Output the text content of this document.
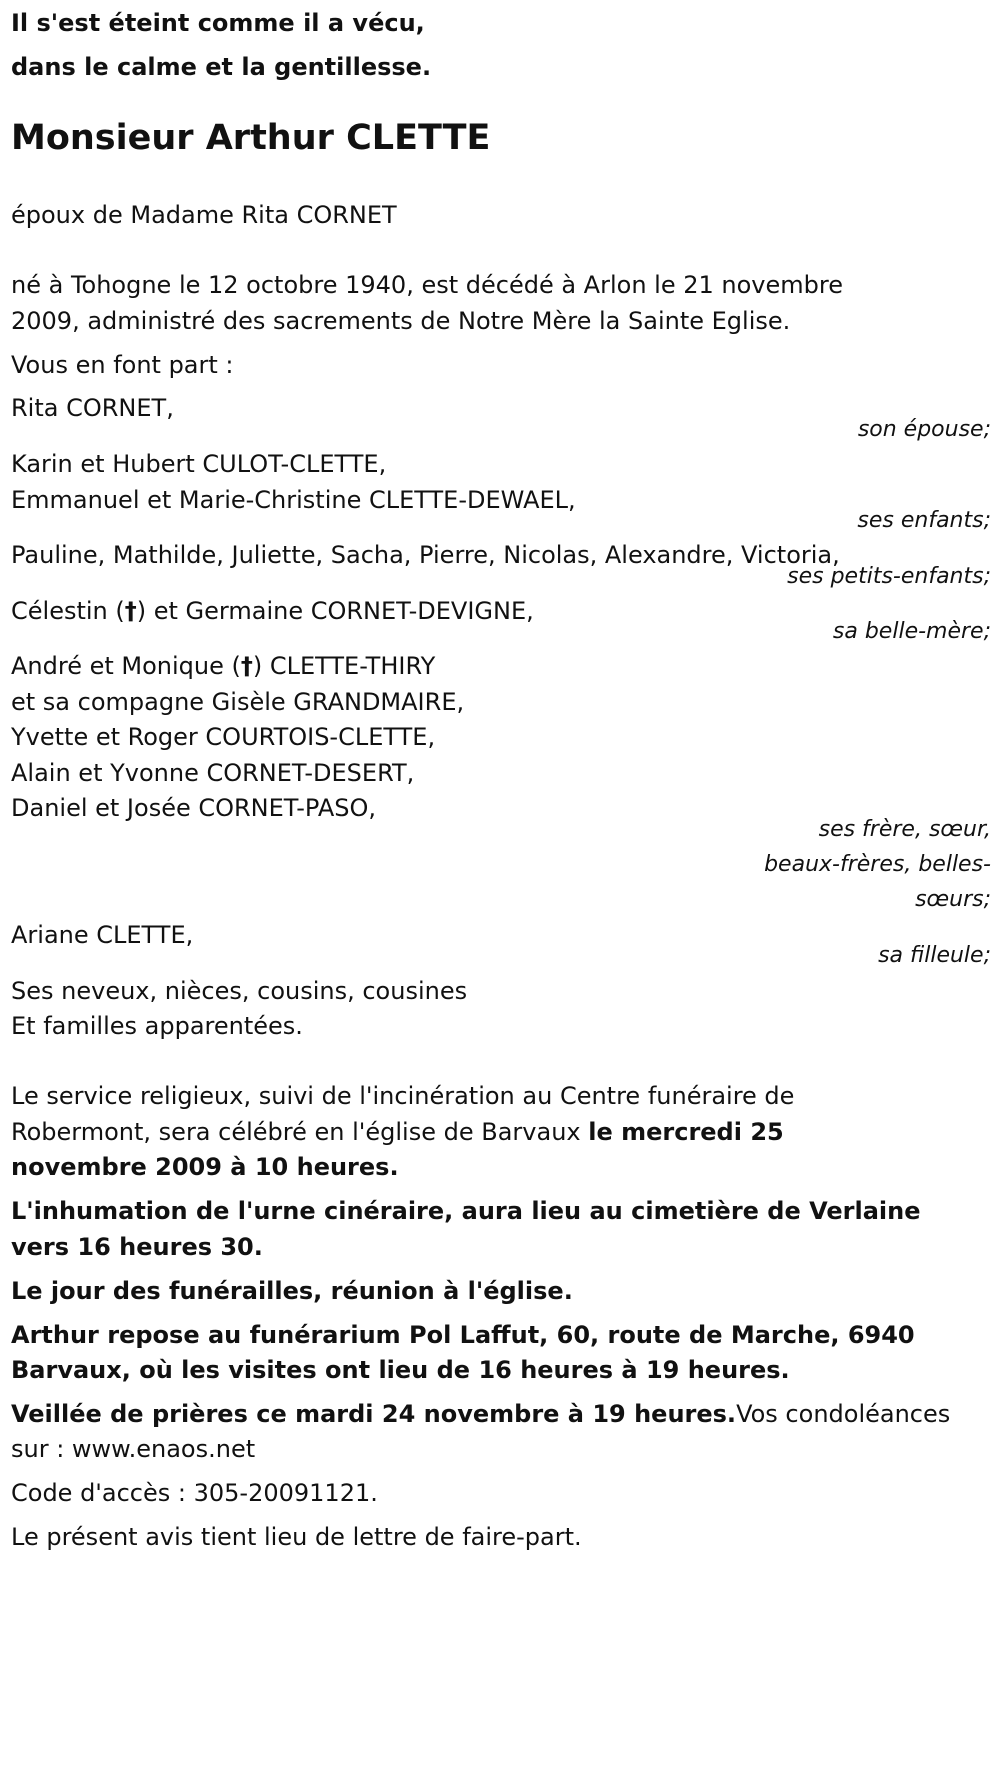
Il s'est éteint comme il a vécu,
dans le calme et la gentillesse.
Monsieur Arthur CLETTE
époux de Madame Rita CORNET
né à Tohogne le 12 octobre 1940, est décédé à Arlon le 21 novembre
2009, administré des sacrements de Notre Mère la Sainte Eglise.
Vous en font part :
Rita CORNET,
son épouse;
Karin et Hubert CULOT-CLETTE,
Emmanuel et Marie-Christine CLETTE-DEWAEL,
ses enfants;
Pauline, Mathilde, Juliette, Sacha, Pierre, Nicolas, Alexandre, Victoria,
ses petits-enfants;
Célestin (†) et Germaine CORNET-DEVIGNE,
sa belle-mère;
André et Monique (†) CLETTE-THIRY
et sa compagne Gisèle GRANDMAIRE,
Yvette et Roger COURTOIS-CLETTE,
Alain et Yvonne CORNET-DESERT,
Daniel et Josée CORNET-PASO,
ses frère, sœur,
beaux-frères, belles-
sœurs;
Ariane CLETTE,
sa filleule;
Ses neveux, nièces, cousins, cousines
Et familles apparentées.
Le service religieux, suivi de l'incinération au Centre funéraire de
Robermont, sera célébré en l'église de Barvaux le mercredi 25
novembre 2009 à 10 heures.
L'inhumation de l'urne cinéraire, aura lieu au cimetière de Verlaine
vers 16 heures 30.
Le jour des funérailles, réunion à l'église.
Arthur repose au funérarium Pol Laffut, 60, route de Marche, 6940
Barvaux, où les visites ont lieu de 16 heures à 19 heures.
Veillée de prières ce mardi 24 novembre à 19 heures.Vos condoléances
sur : www.enaos.net
Code d'accès : 305-20091121.
Le présent avis tient lieu de lettre de faire-part.
